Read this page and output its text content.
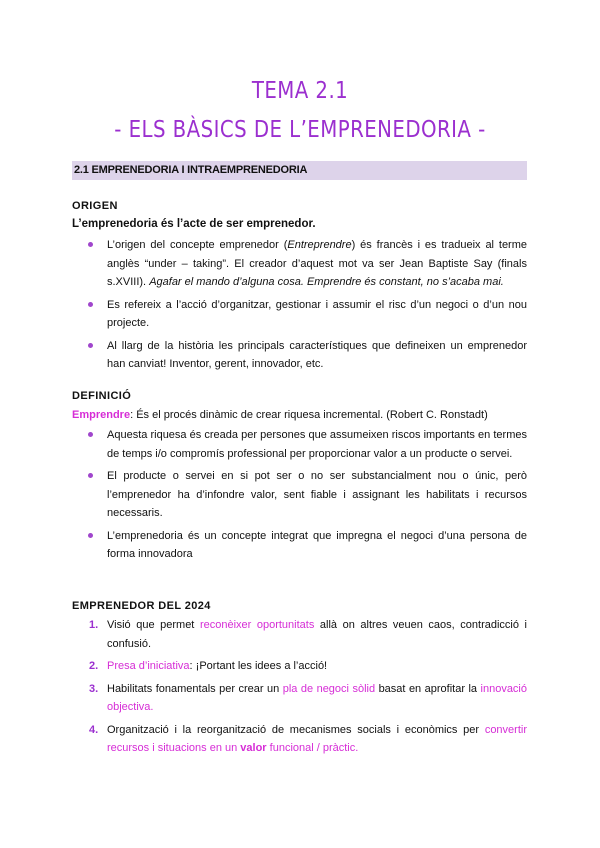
TEMA 2.1
- ELS BÀSICS DE L’EMPRENEDORIA -
2.1 EMPRENEDORIA I INTRAEMPRENEDORIA
ORIGEN
L’emprenedoria és l’acte de ser emprenedor.
L’origen del concepte emprenedor (Entreprendre) és francès i es tradueix al terme anglès “under – taking”. El creador d’aquest mot va ser Jean Baptiste Say (finals s.XVIII). Agafar el mando d’alguna cosa. Emprendre és constant, no s’acaba mai.
Es refereix a l’acció d’organitzar, gestionar i assumir el risc d’un negoci o d’un nou projecte.
Al llarg de la història les principals característiques que defineixen un emprenedor han canviat! Inventor, gerent, innovador, etc.
DEFINICIÓ
Emprendre: És el procés dinàmic de crear riquesa incremental. (Robert C. Ronstadt)
Aquesta riquesa és creada per persones que assumeixen riscos importants en termes de temps i/o compromís professional per proporcionar valor a un producte o servei.
El producte o servei en si pot ser o no ser substancialment nou o únic, però l’emprenedor ha d’infondre valor, sent fiable i assignant les habilitats i recursos necessaris.
L’emprenedoria és un concepte integrat que impregna el negoci d’una persona de forma innovadora
EMPRENEDOR DEL 2024
1. Visió que permet reconèixer oportunitats allà on altres veuen caos, contradicció i confusió.
2. Presa d’iniciativa: ¡Portant les idees a l’acció!
3. Habilitats fonamentals per crear un pla de negoci sòlid basat en aprofitar la innovació objectiva.
4. Organització i la reorganització de mecanismes socials i econòmics per convertir recursos i situacions en un valor funcional / pràctic.
